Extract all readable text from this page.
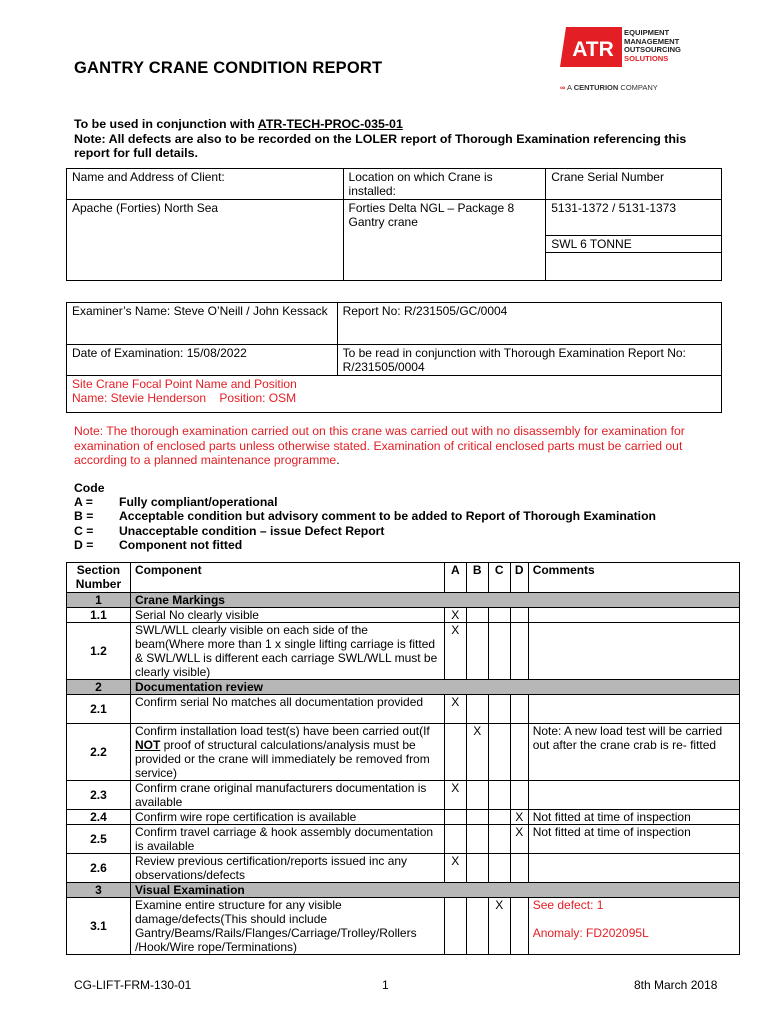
GANTRY CRANE CONDITION REPORT
ATR
EQUIPMENT
MANAGEMENT
OUTSOURCING
SOLUTIONS
∞ A CENTURION COMPANY
To be used in conjunction with ATR-TECH-PROC-035-01
Note: All defects are also to be recorded on the LOLER report of Thorough Examination referencing this report for full details.
Name and Address of Client:	Location on which Crane is installed:	Crane Serial Number
Apache (Forties) North Sea	Forties Delta NGL – Package 8 Gantry crane	5131-1372 / 5131-1373
		SWL 6 TONNE

Examiner’s Name: Steve O’Neill / John Kessack	Report No: R/231505/GC/0004
Date of Examination: 15/08/2022	To be read in conjunction with Thorough Examination Report No: R/231505/0004

Site Crane Focal Point Name and Position
Name: Stevie Henderson Position: OSM	
Note: The thorough examination carried out on this crane was carried out with no disassembly for examination for examination of enclosed parts unless otherwise stated. Examination of critical enclosed parts must be carried out according to a planned maintenance programme.
Code
A =	Fully compliant/operational
B =	Acceptable condition but advisory comment to be added to Report of Thorough Examination
C =	Unacceptable condition – issue Defect Report
D =	Component not fitted
Section Number	Component	A	B	C	D	Comments
1	Crane Markings					
1.1	Serial No clearly visible	X				
1.2	SWL/WLL clearly visible on each side of the beam(Where more than 1 x single lifting carriage is fitted & SWL/WLL is different each carriage SWL/WLL must be clearly visible)	X				
2	Documentation review					
2.1	Confirm serial No matches all documentation provided	X				
2.2	Confirm installation load test(s) have been carried out(If NOT proof of structural calculations/analysis must be provided or the crane will immediately be removed from service)		X			Note: A new load test will be carried out after the crane crab is re- fitted
2.3	Confirm crane original manufacturers documentation is available	X				
2.4	Confirm wire rope certification is available				X	Not fitted at time of inspection
2.5	Confirm travel carriage & hook assembly documentation is available				X	Not fitted at time of inspection
2.6	Review previous certification/reports issued inc any observations/defects	X				
3	Visual Examination					
3.1	Examine entire structure for any visible damage/defects(This should include Gantry/Beams/Rails/Flanges/Carriage/Trolley/Rollers /Hook/Wire rope/Terminations)			X		See defect: 1
Anomaly: FD202095L
CG-LIFT-FRM-130-01	1	8th March 2018
